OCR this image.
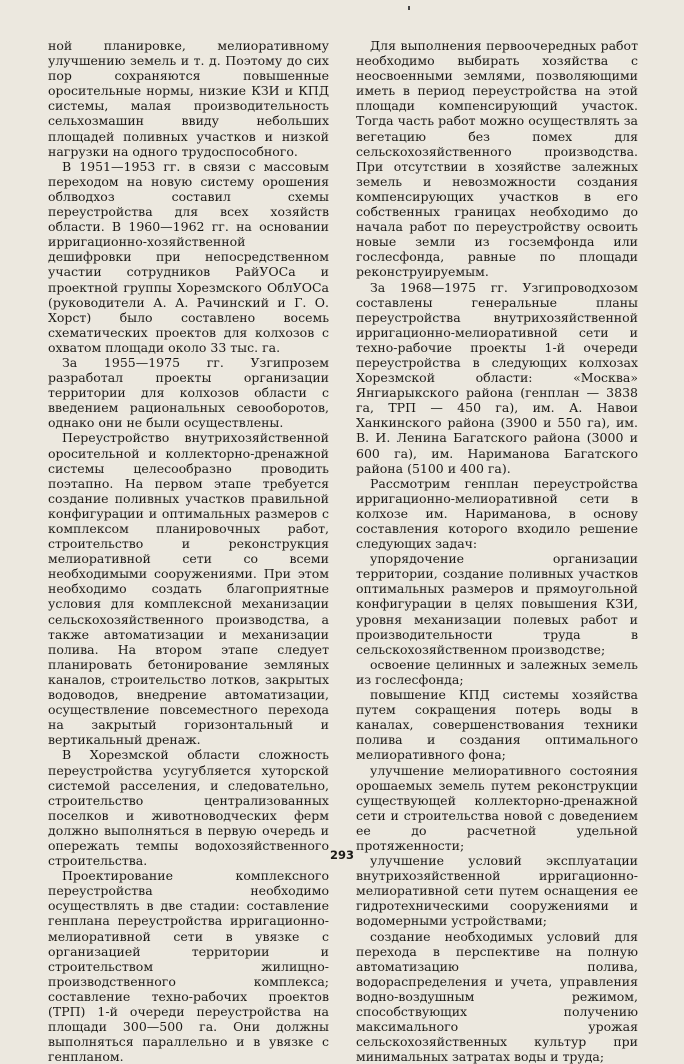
ной планировке, мелиоративному улучшению земель и т. д. Поэтому до сих пор сохраняются повышенные оросительные нормы, низкие КЗИ и КПД системы, малая производительность сельхозмашин ввиду небольших площадей поливных участков и низкой нагрузки на одного трудоспособного.

В 1951—1953 гг. в связи с массовым переходом на новую систему орошения облводхоз составил схемы переустройства для всех хозяйств области. В 1960—1962 гг. на основании ирригационно-хозяйственной дешифровки при непосредственном участии сотрудников РайУОСа и проектной группы Хорезмского ОблУОСа (руководители А. А. Рачинский и Г. О. Хорст) было составлено восемь схематических проектов для колхозов с охватом площади около 33 тыс. га.

За 1955—1975 гг. Узгипрозем разработал проекты организации территории для колхозов области с введением рациональных севооборотов, однако они не были осуществлены.

Переустройство внутрихозяйственной оросительной и коллекторно-дренажной системы целесообразно проводить поэтапно. На первом этапе требуется создание поливных участков правильной конфигурации и оптимальных размеров с комплексом планировочных работ, строительство и реконструкция мелиоративной сети со всеми необходимыми сооружениями. При этом необходимо создать благоприятные условия для комплексной механизации сельскохозяйственного производства, а также автоматизации и механизации полива. На втором этапе следует планировать бетонирование земляных каналов, строительство лотков, закрытых водоводов, внедрение автоматизации, осуществление повсеместного перехода на закрытый горизонтальный и вертикальный дренаж.

В Хорезмской области сложность переустройства усугубляется хуторской системой расселения, и следовательно, строительство централизованных поселков и животноводческих ферм должно выполняться в первую очередь и опережать темпы водохозяйственного строительства.

Проектирование комплексного переустройства необходимо осуществлять в две стадии: составление генплана переустройства ирригационно-мелиоративной сети в увязке с организацией территории и строительством жилищно-производственного комплекса; составление техно-рабочих проектов (ТРП) 1-й очереди переустройства на площади 300—500 га. Они должны выполняться параллельно и в увязке с генпланом.

Для выполнения первоочередных работ необходимо выбирать хозяйства с неосвоенными землями, позволяющими иметь в период переустройства на этой площади компенсирующий участок. Тогда часть работ можно осуществлять за вегетацию без помех для сельскохозяйственного производства. При отсутствии в хозяйстве залежных земель и невозможности создания компенсирующих участков в его собственных границах необходимо до начала работ по переустройству освоить новые земли из госземфонда или гослесфонда, равные по площади реконструируемым.

За 1968—1975 гг. Узгипроводхозом составлены генеральные планы переустройства внутрихозяйственной ирригационно-мелиоративной сети и техно-рабочие проекты 1-й очереди переустройства в следующих колхозах Хорезмской области: «Москва» Янгиарыкского района (генплан — 3838 га, ТРП — 450 га), им. А. Навои Ханкинского района (3900 и 550 га), им. В. И. Ленина Багатского района (3000 и 600 га), им. Нариманова Багатского района (5100 и 400 га).

Рассмотрим генплан переустройства ирригационно-мелиоративной сети в колхозе им. Нариманова, в основу составления которого входило решение следующих задач:

упорядочение организации территории, создание поливных участков оптимальных размеров и прямоугольной конфигурации в целях повышения КЗИ, уровня механизации полевых работ и производительности труда в сельскохозяйственном производстве;

освоение целинных и залежных земель из гослесфонда;

повышение КПД системы хозяйства путем сокращения потерь воды в каналах, совершенствования техники полива и создания оптимального мелиоративного фона;

улучшение мелиоративного состояния орошаемых земель путем реконструкции существующей коллекторно-дренажной сети и строительства новой с доведением ее до расчетной удельной протяженности;

улучшение условий эксплуатации внутрихозяйственной ирригационно-мелиоративной сети путем оснащения ее гидротехническими сооружениями и водомерными устройствами;

создание необходимых условий для перехода в перспективе на полную автоматизацию полива, водораспределения и учета, управления водно-воздушным режимом, способствующих получению максимального урожая сельскохозяйственных культур при минимальных затратах воды и труда;

293
